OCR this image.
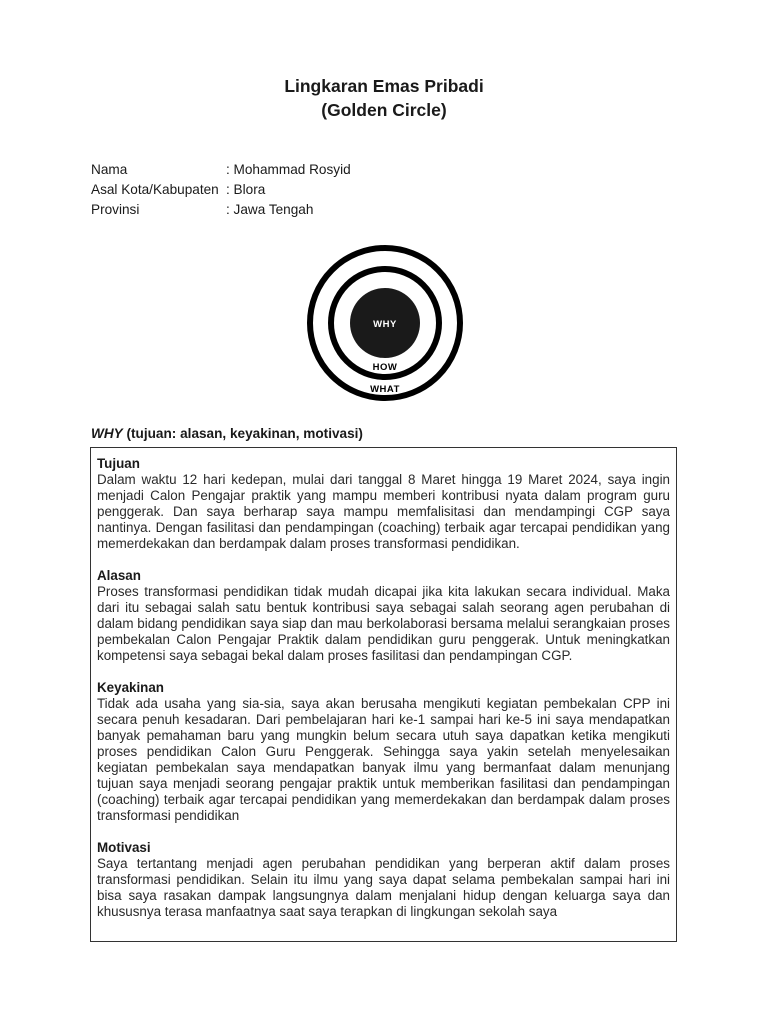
Lingkaran Emas Pribadi
(Golden Circle)
Nama	: Mohammad Rosyid
Asal Kota/Kabupaten : Blora
Provinsi	: Jawa Tengah
WHY
HOW
WHAT
WHY (tujuan: alasan, keyakinan, motivasi)
Tujuan
Dalam waktu 12 hari kedepan, mulai dari tanggal 8 Maret hingga 19 Maret 2024, saya ingin menjadi Calon Pengajar praktik yang mampu memberi kontribusi nyata dalam program guru penggerak. Dan saya berharap saya mampu memfalisitasi dan mendampingi CGP saya nantinya. Dengan fasilitasi dan pendampingan (coaching) terbaik agar tercapai pendidikan yang memerdekakan dan berdampak dalam proses transformasi pendidikan.
Alasan
Proses transformasi pendidikan tidak mudah dicapai jika kita lakukan secara individual. Maka dari itu sebagai salah satu bentuk kontribusi saya sebagai salah seorang agen perubahan di dalam bidang pendidikan saya siap dan mau berkolaborasi bersama melalui serangkaian proses pembekalan Calon Pengajar Praktik dalam pendidikan guru penggerak. Untuk meningkatkan kompetensi saya sebagai bekal dalam proses fasilitasi dan pendampingan CGP.
Keyakinan
Tidak ada usaha yang sia-sia, saya akan berusaha mengikuti kegiatan pembekalan CPP ini secara penuh kesadaran. Dari pembelajaran hari ke-1 sampai hari ke-5 ini saya mendapatkan banyak pemahaman baru yang mungkin belum secara utuh saya dapatkan ketika mengikuti proses pendidikan Calon Guru Penggerak. Sehingga saya yakin setelah menyelesaikan kegiatan pembekalan saya mendapatkan banyak ilmu yang bermanfaat dalam menunjang tujuan saya menjadi seorang pengajar praktik untuk memberikan fasilitasi dan pendampingan (coaching) terbaik agar tercapai pendidikan yang memerdekakan dan berdampak dalam proses transformasi pendidikan
Motivasi
Saya tertantang menjadi agen perubahan pendidikan yang berperan aktif dalam proses transformasi pendidikan. Selain itu ilmu yang saya dapat selama pembekalan sampai hari ini bisa saya rasakan dampak langsungnya dalam menjalani hidup dengan keluarga saya dan khususnya terasa manfaatnya saat saya terapkan di lingkungan sekolah saya
